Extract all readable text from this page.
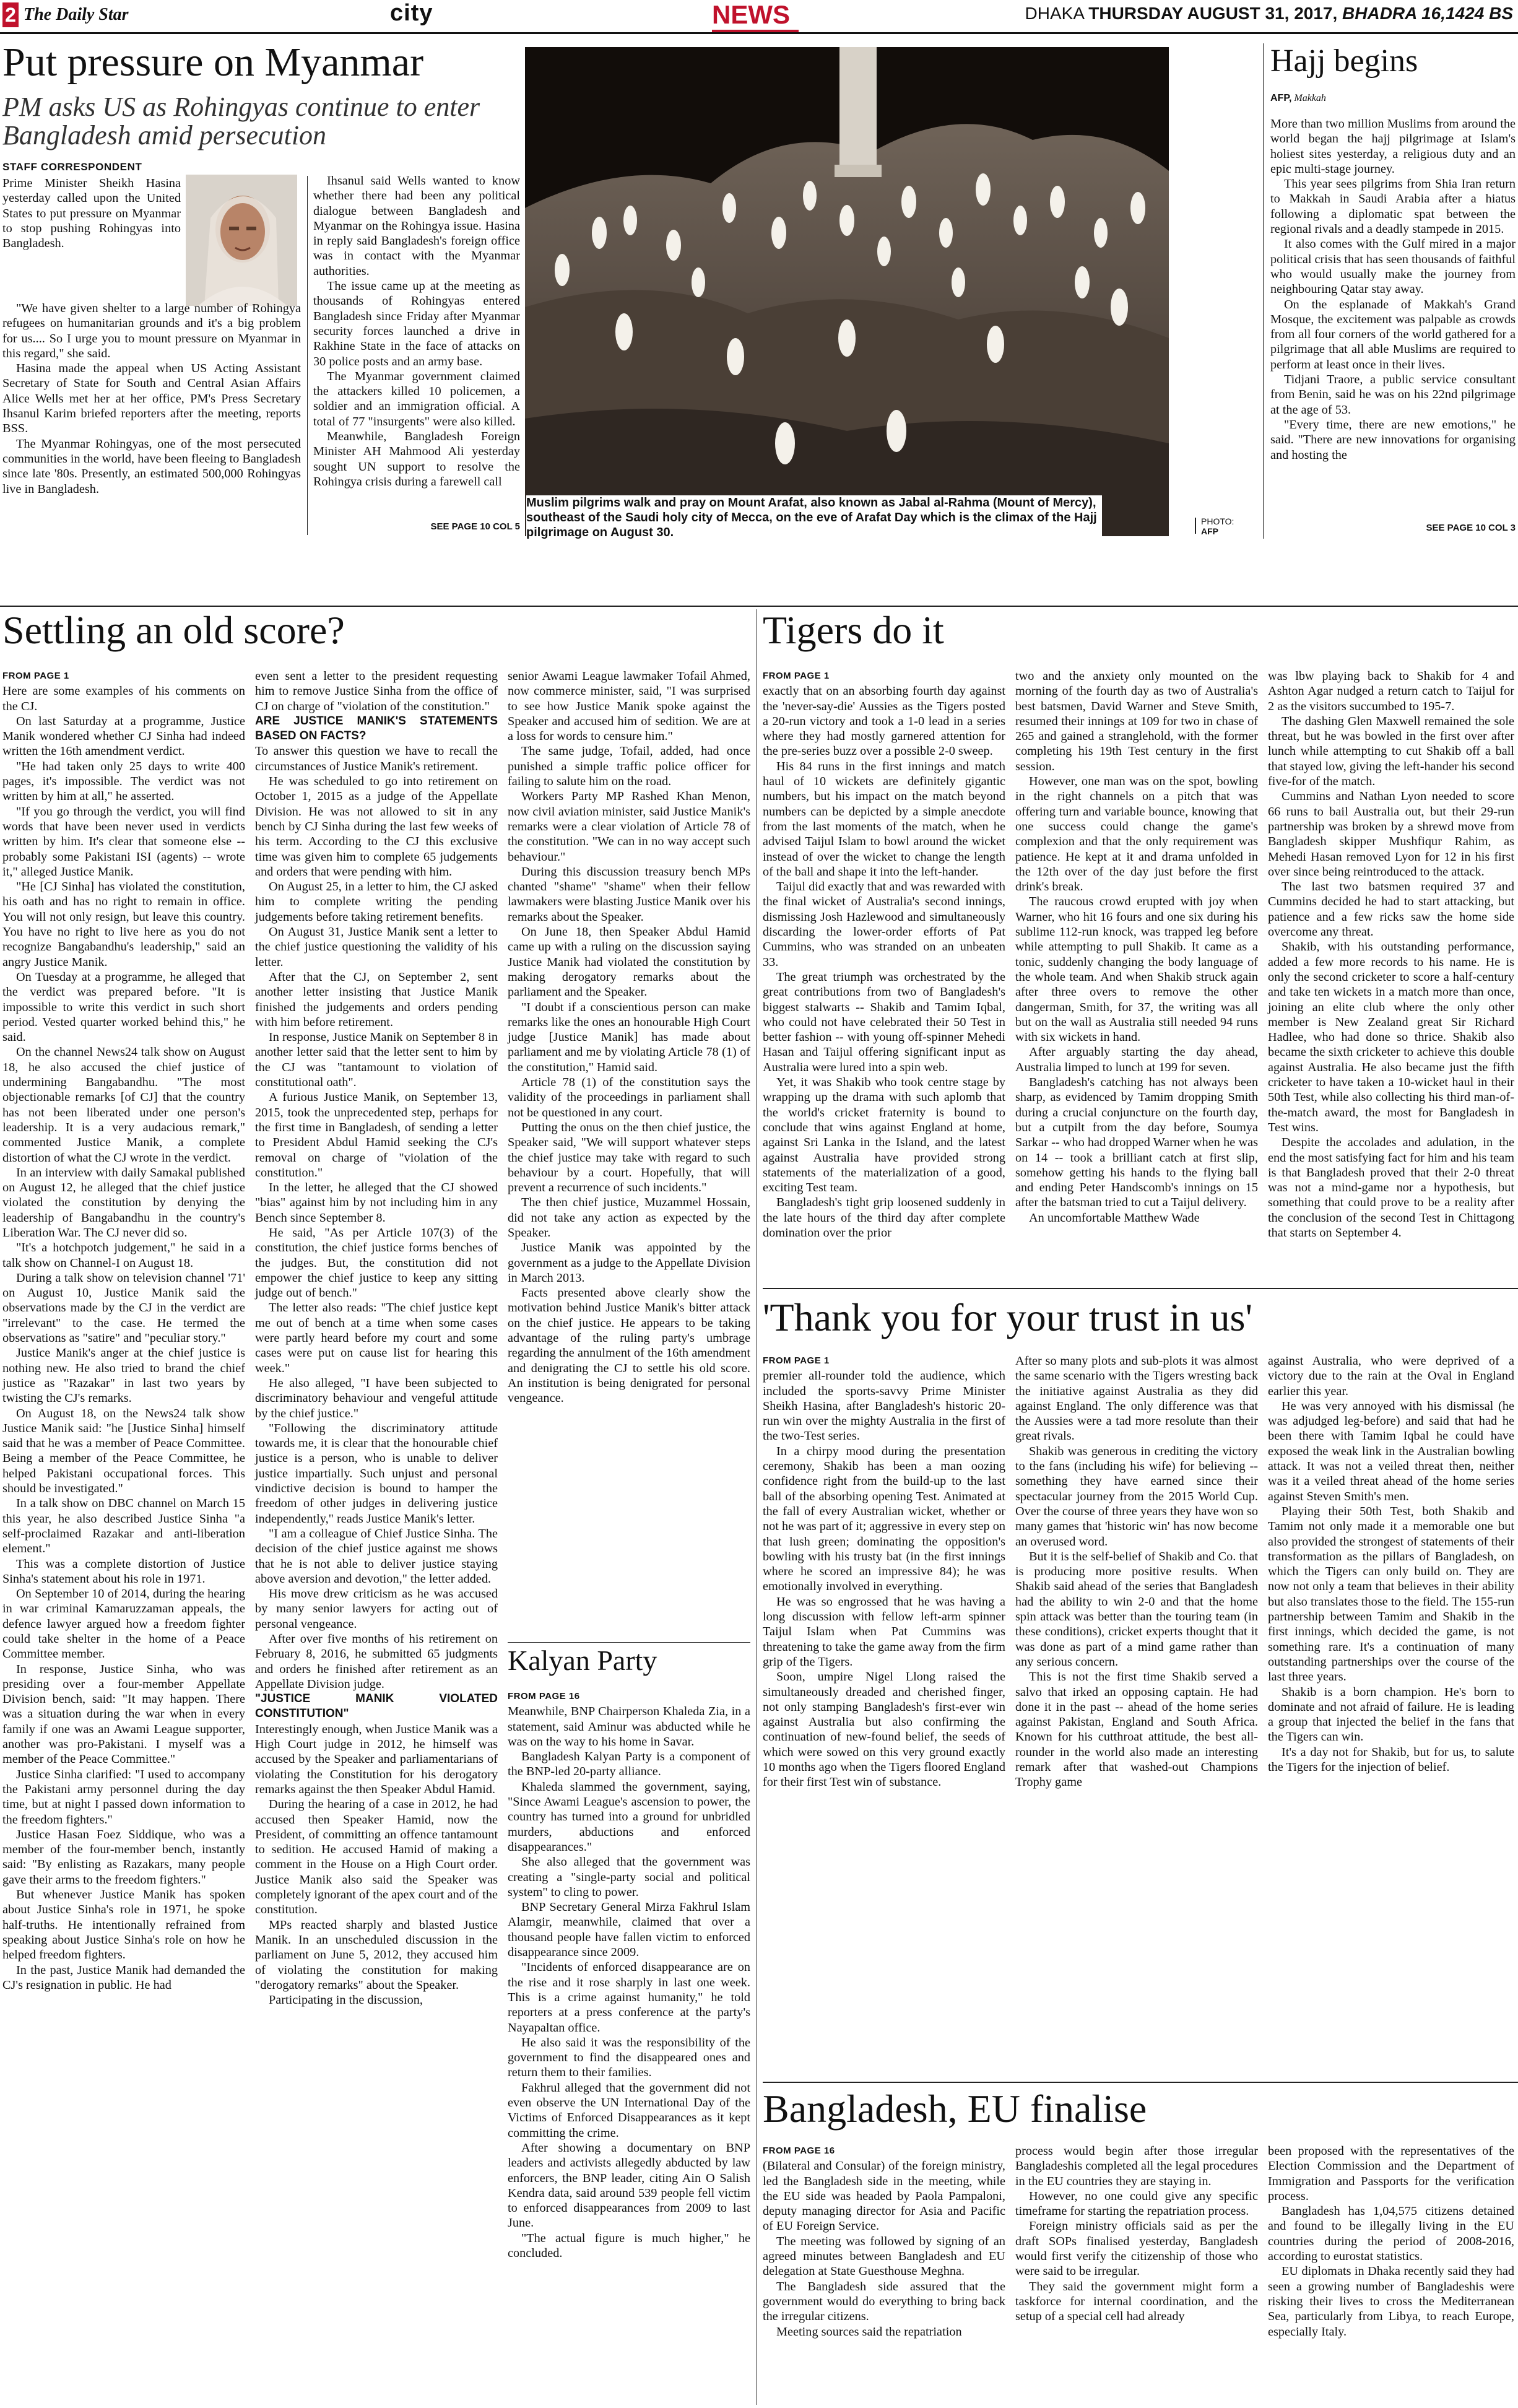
2 The Daily Star	city	NEWS	DHAKA THURSDAY AUGUST 31, 2017, BHADRA 16,1424 BS
Put pressure on Myanmar
PM asks US as Rohingyas continue to enter Bangladesh amid persecution
STAFF CORRESPONDENT

Prime Minister Sheikh Hasina yesterday called upon the United States to put pressure on Myanmar to stop pushing Rohingyas into Bangladesh.

"We have given shelter to a large number of Rohingya refugees on humanitarian grounds and it's a big problem for us.... So I urge you to mount pressure on Myanmar in this regard," she said.

Hasina made the appeal when US Acting Assistant Secretary of State for South and Central Asian Affairs Alice Wells met her at her office, PM's Press Secretary Ihsanul Karim briefed reporters after the meeting, reports BSS.

The Myanmar Rohingyas, one of the most persecuted communities in the world, have been fleeing to Bangladesh since late '80s. Presently, an estimated 500,000 Rohingyas live in Bangladesh.

Ihsanul said Wells wanted to know whether there had been any political dialogue between Bangladesh and Myanmar on the Rohingya issue. Hasina in reply said Bangladesh's foreign office was in contact with the Myanmar authorities.

The issue came up at the meeting as thousands of Rohingyas entered Bangladesh since Friday after Myanmar security forces launched a drive in Rakhine State in the face of attacks on 30 police posts and an army base.

The Myanmar government claimed the attackers killed 10 policemen, a soldier and an immigration official. A total of 77 "insurgents" were also killed.

Meanwhile, Bangladesh Foreign Minister AH Mahmood Ali yesterday sought UN support to resolve the Rohingya crisis during a farewell call

SEE PAGE 10 COL 5
Muslim pilgrims walk and pray on Mount Arafat, also known as Jabal al-Rahma (Mount of Mercy), southeast of the Saudi holy city of Mecca, on the eve of Arafat Day which is the climax of the Hajj pilgrimage on August 30.
PHOTO:
AFP
Hajj begins
AFP, Makkah

More than two million Muslims from around the world began the hajj pilgrimage at Islam's holiest sites yesterday, a religious duty and an epic multi-stage journey.

This year sees pilgrims from Shia Iran return to Makkah in Saudi Arabia after a hiatus following a diplomatic spat between the regional rivals and a deadly stampede in 2015.

It also comes with the Gulf mired in a major political crisis that has seen thousands of faithful who would usually make the journey from neighbouring Qatar stay away.

On the esplanade of Makkah's Grand Mosque, the excitement was palpable as crowds from all four corners of the world gathered for a pilgrimage that all able Muslims are required to perform at least once in their lives.

Tidjani Traore, a public service consultant from Benin, said he was on his 22nd pilgrimage at the age of 53.

"Every time, there are new emotions," he said. "There are new innovations for organising and hosting the

SEE PAGE 10 COL 3
Settling an old score?
FROM PAGE 1

Here are some examples of his comments on the CJ.

On last Saturday at a programme, Justice Manik wondered whether CJ Sinha had indeed written the 16th amendment verdict.

"He had taken only 25 days to write 400 pages, it's impossible. The verdict was not written by him at all," he asserted.

"If you go through the verdict, you will find words that have been never used in verdicts written by him. It's clear that someone else -- probably some Pakistani ISI (agents) -- wrote it," alleged Justice Manik.

"He [CJ Sinha] has violated the constitution, his oath and has no right to remain in office. You will not only resign, but leave this country. You have no right to live here as you do not recognize Bangabandhu's leadership," said an angry Justice Manik.

On Tuesday at a programme, he alleged that the verdict was prepared before. "It is impossible to write this verdict in such short period. Vested quarter worked behind this," he said.

On the channel News24 talk show on August 18, he also accused the chief justice of undermining Bangabandhu. "The most objectionable remarks [of CJ] that the country has not been liberated under one person's leadership. It is a very audacious remark," commented Justice Manik, a complete distortion of what the CJ wrote in the verdict.

In an interview with daily Samakal published on August 12, he alleged that the chief justice violated the constitution by denying the leadership of Bangabandhu in the country's Liberation War. The CJ never did so.

"It's a hotchpotch judgement," he said in a talk show on Channel-I on August 18.

During a talk show on television channel '71' on August 10, Justice Manik said the observations made by the CJ in the verdict are "irrelevant" to the case. He termed the observations as "satire" and "peculiar story."

Justice Manik's anger at the chief justice is nothing new. He also tried to brand the chief justice as "Razakar" in last two years by twisting the CJ's remarks.

On August 18, on the News24 talk show Justice Manik said: "he [Justice Sinha] himself said that he was a member of Peace Committee. Being a member of the Peace Committee, he helped Pakistani occupational forces. This should be investigated."

In a talk show on DBC channel on March 15 this year, he also described Justice Sinha "a self-proclaimed Razakar and anti-liberation element."

This was a complete distortion of Justice Sinha's statement about his role in 1971.

On September 10 of 2014, during the hearing in war criminal Kamaruzzaman appeals, the defence lawyer argued how a freedom fighter could take shelter in the home of a Peace Committee member.

In response, Justice Sinha, who was presiding over a four-member Appellate Division bench, said: "It may happen. There was a situation during the war when in every family if one was an Awami League supporter, another was pro-Pakistani. I myself was a member of the Peace Committee."

Justice Sinha clarified: "I used to accompany the Pakistani army personnel during the day time, but at night I passed down information to the freedom fighters."

Justice Hasan Foez Siddique, who was a member of the four-member bench, instantly said: "By enlisting as Razakars, many people gave their arms to the freedom fighters."

But whenever Justice Manik has spoken about Justice Sinha's role in 1971, he spoke half-truths. He intentionally refrained from speaking about Justice Sinha's role on how he helped freedom fighters.

In the past, Justice Manik had demanded the CJ's resignation in public. He had

even sent a letter to the president requesting him to remove Justice Sinha from the office of CJ on charge of "violation of the constitution."

ARE JUSTICE MANIK'S STATEMENTS BASED ON FACTS?

To answer this question we have to recall the circumstances of Justice Manik's retirement.

He was scheduled to go into retirement on October 1, 2015 as a judge of the Appellate Division. He was not allowed to sit in any bench by CJ Sinha during the last few weeks of his term. According to the CJ this exclusive time was given him to complete 65 judgements and orders that were pending with him.

On August 25, in a letter to him, the CJ asked him to complete writing the pending judgements before taking retirement benefits.

On August 31, Justice Manik sent a letter to the chief justice questioning the validity of his letter.

After that the CJ, on September 2, sent another letter insisting that Justice Manik finished the judgements and orders pending with him before retirement.

In response, Justice Manik on September 8 in another letter said that the letter sent to him by the CJ was "tantamount to violation of constitutional oath".

A furious Justice Manik, on September 13, 2015, took the unprecedented step, perhaps for the first time in Bangladesh, of sending a letter to President Abdul Hamid seeking the CJ's removal on charge of "violation of the constitution."

In the letter, he alleged that the CJ showed "bias" against him by not including him in any Bench since September 8.

He said, "As per Article 107(3) of the constitution, the chief justice forms benches of the judges. But, the constitution did not empower the chief justice to keep any sitting judge out of bench."

The letter also reads: "The chief justice kept me out of bench at a time when some cases were partly heard before my court and some cases were put on cause list for hearing this week."

He also alleged, "I have been subjected to discriminatory behaviour and vengeful attitude by the chief justice."

"Following the discriminatory attitude towards me, it is clear that the honourable chief justice is a person, who is unable to deliver justice impartially. Such unjust and personal vindictive decision is bound to hamper the freedom of other judges in delivering justice independently," reads Justice Manik's letter.

"I am a colleague of Chief Justice Sinha. The decision of the chief justice against me shows that he is not able to deliver justice staying above aversion and devotion," the letter added.

His move drew criticism as he was accused by many senior lawyers for acting out of personal vengeance.

After over five months of his retirement on February 8, 2016, he submitted 65 judgments and orders he finished after retirement as an Appellate Division judge.

"JUSTICE MANIK VIOLATED CONSTITUTION"

Interestingly enough, when Justice Manik was a High Court judge in 2012, he himself was accused by the Speaker and parliamentarians of violating the Constitution for his derogatory remarks against the then Speaker Abdul Hamid.

During the hearing of a case in 2012, he had accused then Speaker Hamid, now the President, of committing an offence tantamount to sedition. He accused Hamid of making a comment in the House on a High Court order. Justice Manik also said the Speaker was completely ignorant of the apex court and of the constitution.

MPs reacted sharply and blasted Justice Manik. In an unscheduled discussion in the parliament on June 5, 2012, they accused him of violating the constitution for making "derogatory remarks" about the Speaker.

Participating in the discussion,

senior Awami League lawmaker Tofail Ahmed, now commerce minister, said, "I was surprised to see how Justice Manik spoke against the Speaker and accused him of sedition. We are at a loss for words to censure him."

The same judge, Tofail, added, had once punished a simple traffic police officer for failing to salute him on the road.

Workers Party MP Rashed Khan Menon, now civil aviation minister, said Justice Manik's remarks were a clear violation of Article 78 of the constitution. "We can in no way accept such behaviour."

During this discussion treasury bench MPs chanted "shame" "shame" when their fellow lawmakers were blasting Justice Manik over his remarks about the Speaker.

On June 18, then Speaker Abdul Hamid came up with a ruling on the discussion saying Justice Manik had violated the constitution by making derogatory remarks about the parliament and the Speaker.

"I doubt if a conscientious person can make remarks like the ones an honourable High Court judge [Justice Manik] has made about parliament and me by violating Article 78 (1) of the constitution," Hamid said.

Article 78 (1) of the constitution says the validity of the proceedings in parliament shall not be questioned in any court.

Putting the onus on the then chief justice, the Speaker said, "We will support whatever steps the chief justice may take with regard to such behaviour by a court. Hopefully, that will prevent a recurrence of such incidents."

The then chief justice, Muzammel Hossain, did not take any action as expected by the Speaker.

Justice Manik was appointed by the government as a judge to the Appellate Division in March 2013.

Facts presented above clearly show the motivation behind Justice Manik's bitter attack on the chief justice. He appears to be taking advantage of the ruling party's umbrage regarding the annulment of the 16th amendment and denigrating the CJ to settle his old score. An institution is being denigrated for personal vengeance.

Kalyan Party
FROM PAGE 16

Meanwhile, BNP Chairperson Khaleda Zia, in a statement, said Aminur was abducted while he was on the way to his home in Savar.

Bangladesh Kalyan Party is a component of the BNP-led 20-party alliance.

Khaleda slammed the government, saying, "Since Awami League's ascension to power, the country has turned into a ground for unbridled murders, abductions and enforced disappearances."

She also alleged that the government was creating a "single-party social and political system" to cling to power.

BNP Secretary General Mirza Fakhrul Islam Alamgir, meanwhile, claimed that over a thousand people have fallen victim to enforced disappearance since 2009.

"Incidents of enforced disappearance are on the rise and it rose sharply in last one week. This is a crime against humanity," he told reporters at a press conference at the party's Nayapaltan office.

He also said it was the responsibility of the government to find the disappeared ones and return them to their families.

Fakhrul alleged that the government did not even observe the UN International Day of the Victims of Enforced Disappearances as it kept committing the crime.

After showing a documentary on BNP leaders and activists allegedly abducted by law enforcers, the BNP leader, citing Ain O Salish Kendra data, said around 539 people fell victim to enforced disappearances from 2009 to last June.

"The actual figure is much higher," he concluded.

Tigers do it
FROM PAGE 1

exactly that on an absorbing fourth day against the 'never-say-die' Aussies as the Tigers posted a 20-run victory and took a 1-0 lead in a series where they had mostly garnered attention for the pre-series buzz over a possible 2-0 sweep.

His 84 runs in the first innings and match haul of 10 wickets are definitely gigantic numbers, but his impact on the match beyond numbers can be depicted by a simple anecdote from the last moments of the match, when he advised Taijul Islam to bowl around the wicket instead of over the wicket to change the length of the ball and shape it into the left-hander.

Taijul did exactly that and was rewarded with the final wicket of Australia's second innings, dismissing Josh Hazlewood and simultaneously discarding the lower-order efforts of Pat Cummins, who was stranded on an unbeaten 33.

The great triumph was orchestrated by the great contributions from two of Bangladesh's biggest stalwarts -- Shakib and Tamim Iqbal, who could not have celebrated their 50 Test in better fashion -- with young off-spinner Mehedi Hasan and Taijul offering significant input as Australia were lured into a spin web.

Yet, it was Shakib who took centre stage by wrapping up the drama with such aplomb that the world's cricket fraternity is bound to conclude that wins against England at home, against Sri Lanka in the Island, and the latest against Australia have provided strong statements of the materialization of a good, exciting Test team.

Bangladesh's tight grip loosened suddenly in the late hours of the third day after complete domination over the prior

two and the anxiety only mounted on the morning of the fourth day as two of Australia's best batsmen, David Warner and Steve Smith, resumed their innings at 109 for two in chase of 265 and gained a stranglehold, with the former completing his 19th Test century in the first session.

However, one man was on the spot, bowling in the right channels on a pitch that was offering turn and variable bounce, knowing that one success could change the game's complexion and that the only requirement was patience. He kept at it and drama unfolded in the 12th over of the day just before the first drink's break.

The raucous crowd erupted with joy when Warner, who hit 16 fours and one six during his sublime 112-run knock, was trapped leg before while attempting to pull Shakib. It came as a tonic, suddenly changing the body language of the whole team. And when Shakib struck again after three overs to remove the other dangerman, Smith, for 37, the writing was all but on the wall as Australia still needed 94 runs with six wickets in hand.

After arguably starting the day ahead, Australia limped to lunch at 199 for seven.

Bangladesh's catching has not always been sharp, as evidenced by Tamim dropping Smith during a crucial conjuncture on the fourth day, but a cutpilt from the day before, Soumya Sarkar -- who had dropped Warner when he was on 14 -- took a brilliant catch at first slip, somehow getting his hands to the flying ball and ending Peter Handscomb's innings on 15 after the batsman tried to cut a Taijul delivery.

An uncomfortable Matthew Wade

was lbw playing back to Shakib for 4 and Ashton Agar nudged a return catch to Taijul for 2 as the visitors succumbed to 195-7.

The dashing Glen Maxwell remained the sole threat, but he was bowled in the first over after lunch while attempting to cut Shakib off a ball that stayed low, giving the left-hander his second five-for of the match.

Cummins and Nathan Lyon needed to score 66 runs to bail Australia out, but their 29-run partnership was broken by a shrewd move from Bangladesh skipper Mushfiqur Rahim, as Mehedi Hasan removed Lyon for 12 in his first over since being reintroduced to the attack.

The last two batsmen required 37 and Cummins decided he had to start attacking, but patience and a few ricks saw the home side overcome any threat.

Shakib, with his outstanding performance, added a few more records to his name. He is only the second cricketer to score a half-century and take ten wickets in a match more than once, joining an elite club where the only other member is New Zealand great Sir Richard Hadlee, who had done so thrice. Shakib also became the sixth cricketer to achieve this double against Australia. He also became just the fifth cricketer to have taken a 10-wicket haul in their 50th Test, while also collecting his third man-of-the-match award, the most for Bangladesh in Test wins.

Despite the accolades and adulation, in the end the most satisfying fact for him and his team is that Bangladesh proved that their 2-0 threat was not a mind-game nor a hypothesis, but something that could prove to be a reality after the conclusion of the second Test in Chittagong that starts on September 4.

'Thank you for your trust in us'
FROM PAGE 1

premier all-rounder told the audience, which included the sports-savvy Prime Minister Sheikh Hasina, after Bangladesh's historic 20-run win over the mighty Australia in the first of the two-Test series.

In a chirpy mood during the presentation ceremony, Shakib has been a man oozing confidence right from the build-up to the last ball of the absorbing opening Test. Animated at the fall of every Australian wicket, whether or not he was part of it; aggressive in every step on that lush green; dominating the opposition's bowling with his trusty bat (in the first innings where he scored an impressive 84); he was emotionally involved in everything.

He was so engrossed that he was having a long discussion with fellow left-arm spinner Taijul Islam when Pat Cummins was threatening to take the game away from the firm grip of the Tigers.

Soon, umpire Nigel Llong raised the simultaneously dreaded and cherished finger, not only stamping Bangladesh's first-ever win against Australia but also confirming the continuation of new-found belief, the seeds of which were sowed on this very ground exactly 10 months ago when the Tigers floored England for their first Test win of substance.

After so many plots and sub-plots it was almost the same scenario with the Tigers wresting back the initiative against Australia as they did against England. The only difference was that the Aussies were a tad more resolute than their great rivals.

Shakib was generous in crediting the victory to the fans (including his wife) for believing -- something they have earned since their spectacular journey from the 2015 World Cup. Over the course of three years they have won so many games that 'historic win' has now become an overused word.

But it is the self-belief of Shakib and Co. that is producing more positive results. When Shakib said ahead of the series that Bangladesh had the ability to win 2-0 and that the home spin attack was better than the touring team (in these conditions), cricket experts thought that it was done as part of a mind game rather than any serious concern.

This is not the first time Shakib served a salvo that irked an opposing captain. He had done it in the past -- ahead of the home series against Pakistan, England and South Africa. Known for his cutthroat attitude, the best all-rounder in the world also made an interesting remark after that washed-out Champions Trophy game

against Australia, who were deprived of a victory due to the rain at the Oval in England earlier this year.

He was very annoyed with his dismissal (he was adjudged leg-before) and said that had he been there with Tamim Iqbal he could have exposed the weak link in the Australian bowling attack. It was not a veiled threat then, neither was it a veiled threat ahead of the home series against Steven Smith's men.

Playing their 50th Test, both Shakib and Tamim not only made it a memorable one but also provided the strongest of statements of their transformation as the pillars of Bangladesh, on which the Tigers can only build on. They are now not only a team that believes in their ability but also translates those to the field. The 155-run partnership between Tamim and Shakib in the first innings, which decided the game, is not something rare. It's a continuation of many outstanding partnerships over the course of the last three years.

Shakib is a born champion. He's born to dominate and not afraid of failure. He is leading a group that injected the belief in the fans that the Tigers can win.

It's a day not for Shakib, but for us, to salute the Tigers for the injection of belief.

Bangladesh, EU finalise
FROM PAGE 16

(Bilateral and Consular) of the foreign ministry, led the Bangladesh side in the meeting, while the EU side was headed by Paola Pampaloni, deputy managing director for Asia and Pacific of EU Foreign Service.

The meeting was followed by signing of an agreed minutes between Bangladesh and EU delegation at State Guesthouse Meghna.

The Bangladesh side assured that the government would do everything to bring back the irregular citizens.

Meeting sources said the repatriation

process would begin after those irregular Bangladeshis completed all the legal procedures in the EU countries they are staying in.

However, no one could give any specific timeframe for starting the repatriation process.

Foreign ministry officials said as per the draft SOPs finalised yesterday, Bangladesh would first verify the citizenship of those who were said to be irregular.

They said the government might form a taskforce for internal coordination, and the setup of a special cell had already

been proposed with the representatives of the Election Commission and the Department of Immigration and Passports for the verification process.

Bangladesh has 1,04,575 citizens detained and found to be illegally living in the EU countries during the period of 2008-2016, according to eurostat statistics.

EU diplomats in Dhaka recently said they had seen a growing number of Bangladeshis were risking their lives to cross the Mediterranean Sea, particularly from Libya, to reach Europe, especially Italy.
